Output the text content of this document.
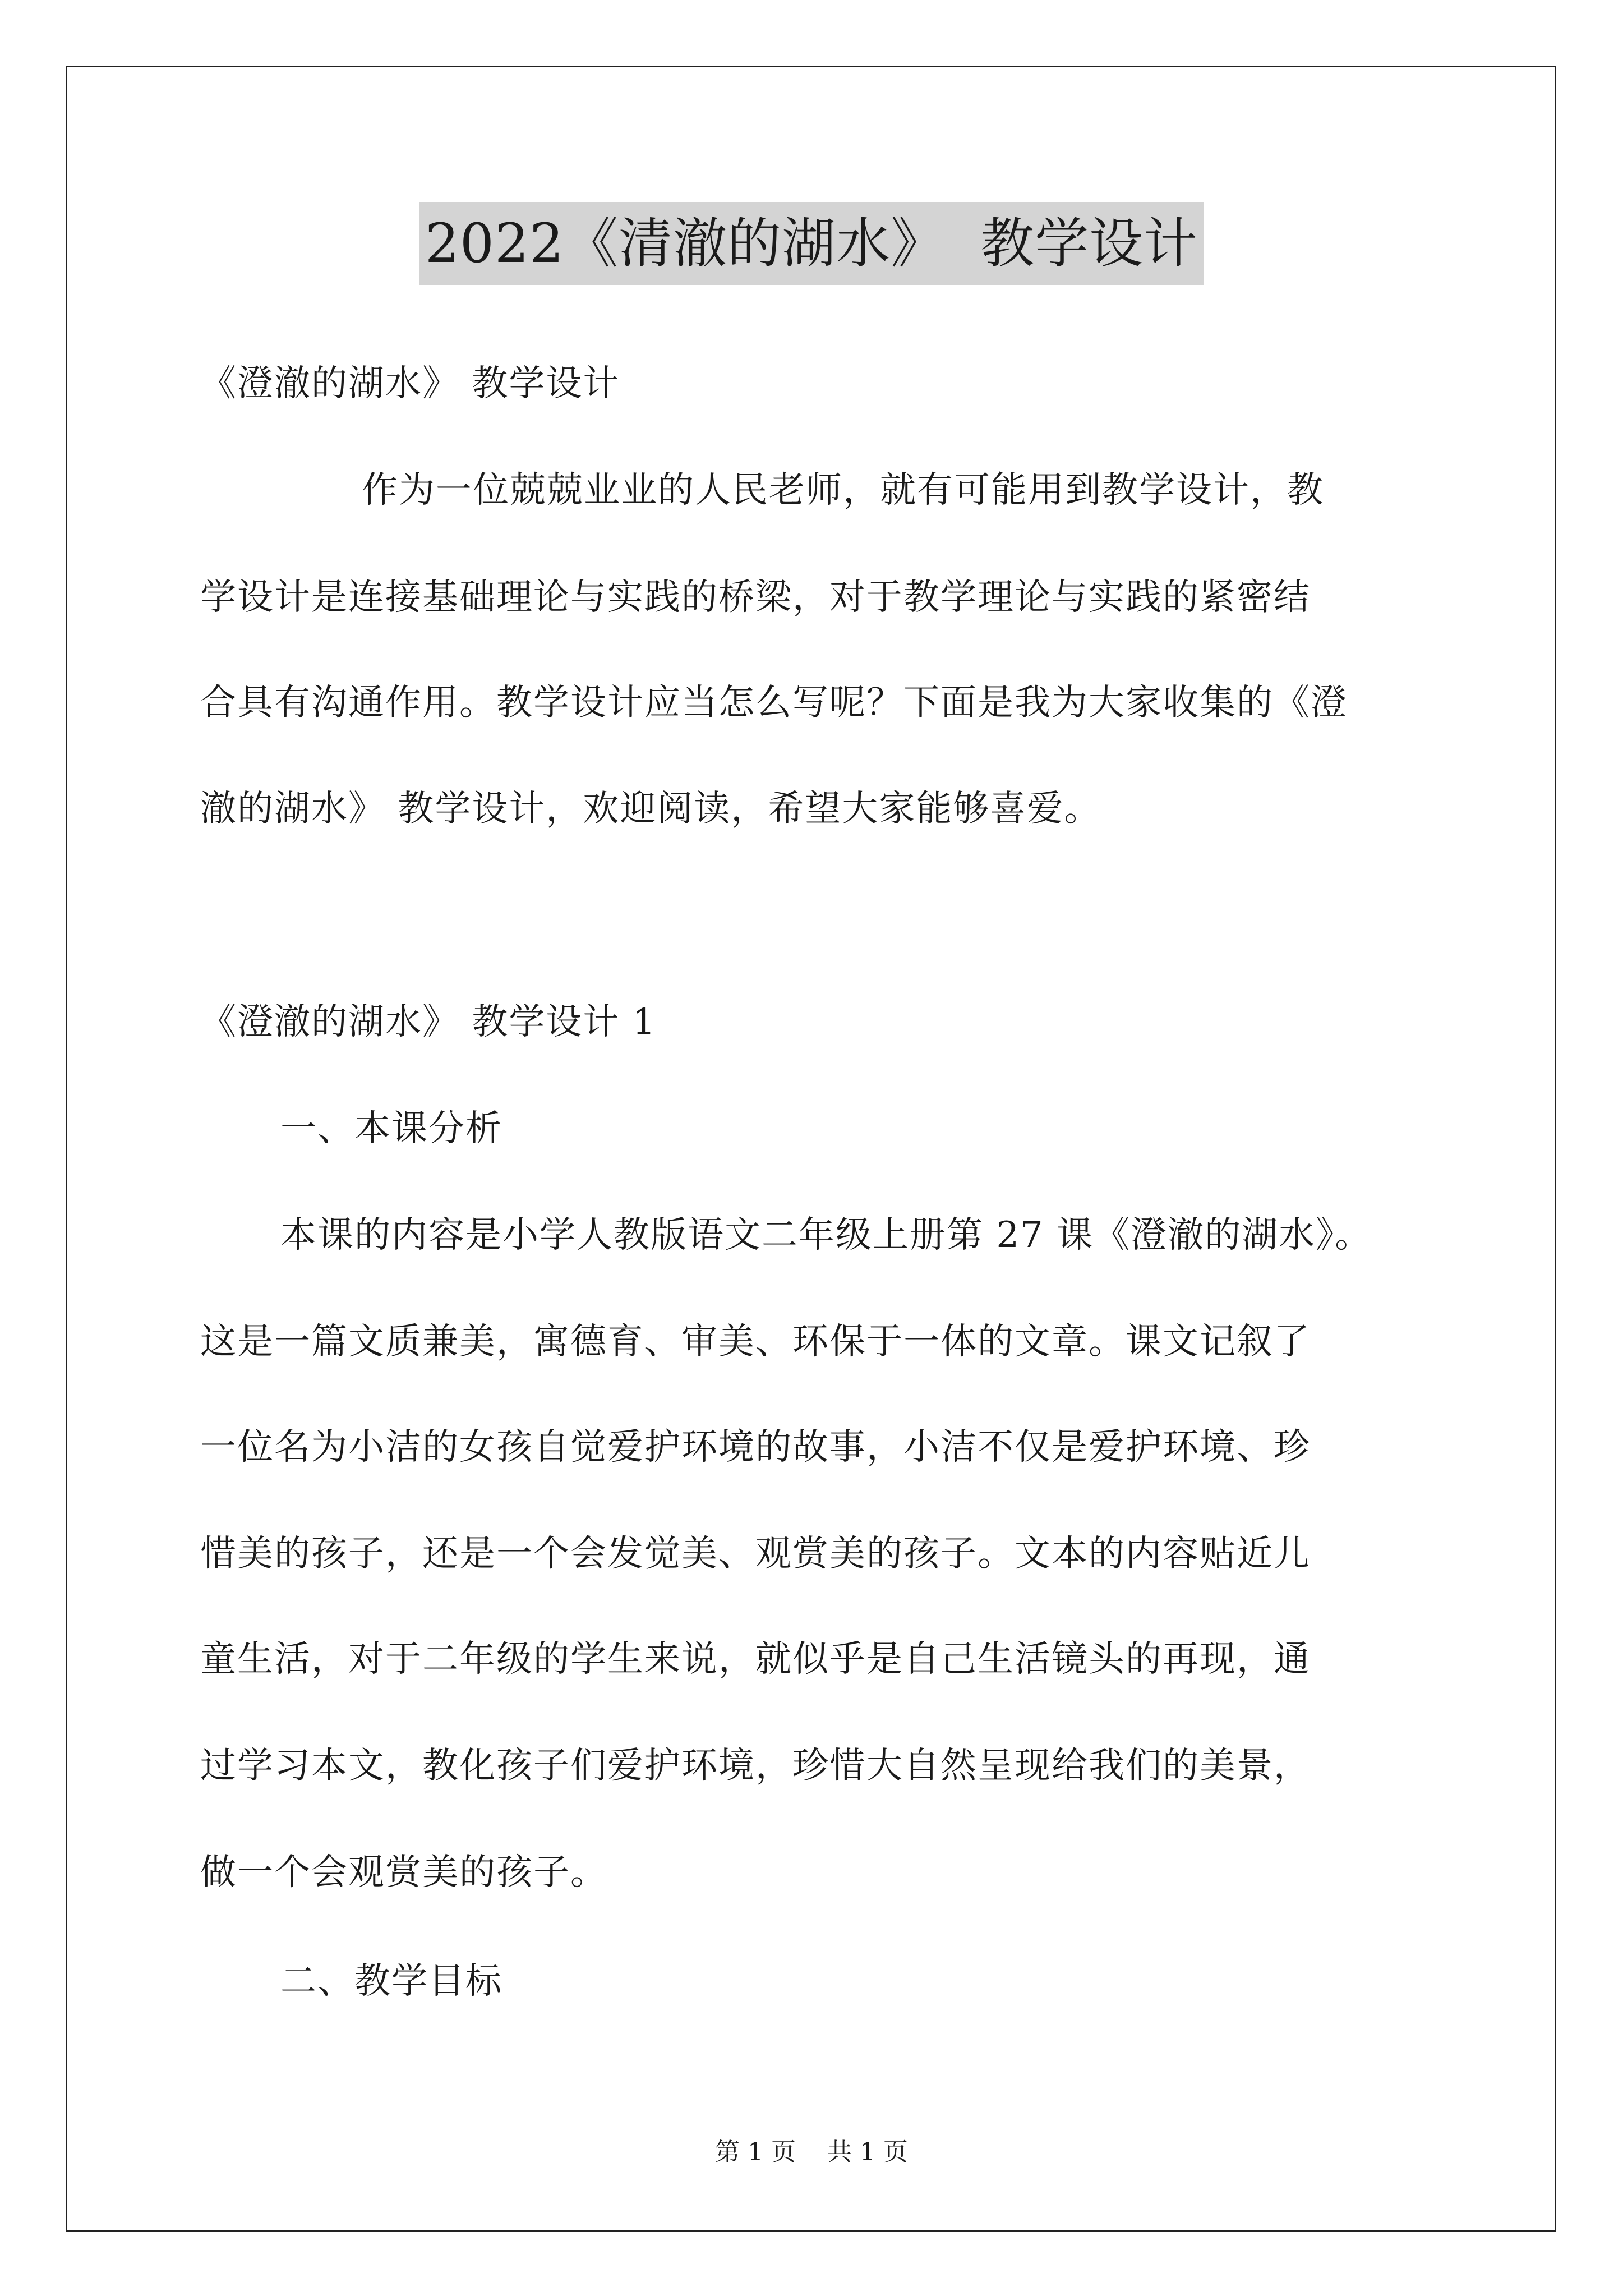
2022《清澈的湖水》  教学设计
《澄澈的湖水》 教学设计
作为一位兢兢业业的人民老师，就有可能用到教学设计，教
学设计是连接基础理论与实践的桥梁，对于教学理论与实践的紧密结
合具有沟通作用。教学设计应当怎么写呢？下面是我为大家收集的《澄
澈的湖水》 教学设计，欢迎阅读，希望大家能够喜爱。
《澄澈的湖水》 教学设计 1
一、本课分析
本课的内容是小学人教版语文二年级上册第 27 课《澄澈的湖水》。
这是一篇文质兼美，寓德育、审美、环保于一体的文章。课文记叙了
一位名为小洁的女孩自觉爱护环境的故事，小洁不仅是爱护环境、珍
惜美的孩子，还是一个会发觉美、观赏美的孩子。文本的内容贴近儿
童生活，对于二年级的学生来说，就似乎是自己生活镜头的再现，通
过学习本文，教化孩子们爱护环境，珍惜大自然呈现给我们的美景，
做一个会观赏美的孩子。
二、教学目标
第 1 页    共 1 页
